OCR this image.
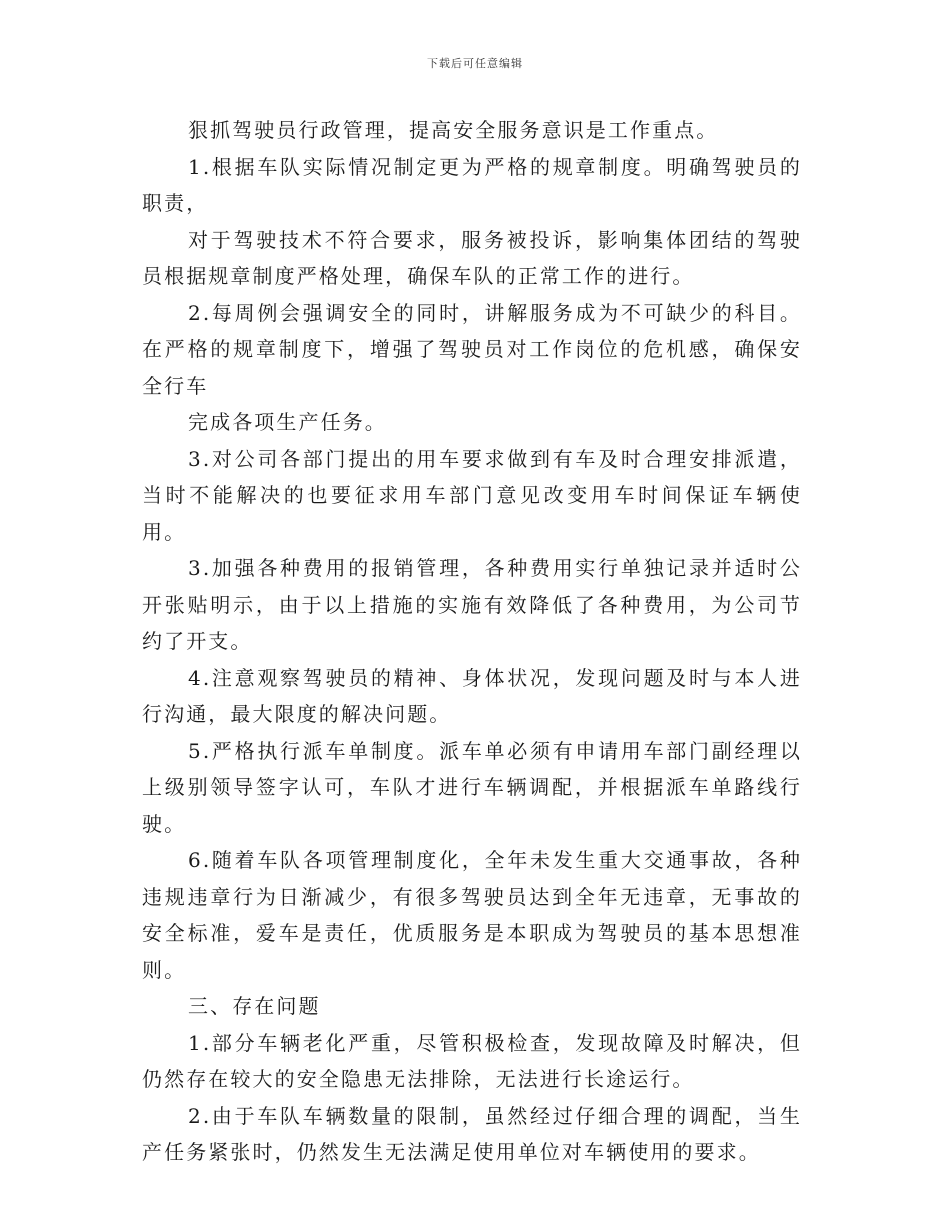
下载后可任意编辑

狠抓驾驶员行政管理，提高安全服务意识是工作重点。

1.根据车队实际情况制定更为严格的规章制度。明确驾驶员的职责，

对于驾驶技术不符合要求，服务被投诉，影响集体团结的驾驶员根据规章制度严格处理，确保车队的正常工作的进行。

2.每周例会强调安全的同时，讲解服务成为不可缺少的科目。在严格的规章制度下，增强了驾驶员对工作岗位的危机感，确保安全行车

完成各项生产任务。

3.对公司各部门提出的用车要求做到有车及时合理安排派遣，当时不能解决的也要征求用车部门意见改变用车时间保证车辆使用。

3.加强各种费用的报销管理，各种费用实行单独记录并适时公开张贴明示，由于以上措施的实施有效降低了各种费用，为公司节约了开支。

4.注意观察驾驶员的精神、身体状况，发现问题及时与本人进行沟通，最大限度的解决问题。

5.严格执行派车单制度。派车单必须有申请用车部门副经理以上级别领导签字认可，车队才进行车辆调配，并根据派车单路线行驶。

6.随着车队各项管理制度化，全年未发生重大交通事故，各种违规违章行为日渐减少，有很多驾驶员达到全年无违章，无事故的安全标准，爱车是责任，优质服务是本职成为驾驶员的基本思想准则。

三、存在问题

1.部分车辆老化严重，尽管积极检查，发现故障及时解决，但仍然存在较大的安全隐患无法排除，无法进行长途运行。

2.由于车队车辆数量的限制，虽然经过仔细合理的调配，当生产任务紧张时，仍然发生无法满足使用单位对车辆使用的要求。
